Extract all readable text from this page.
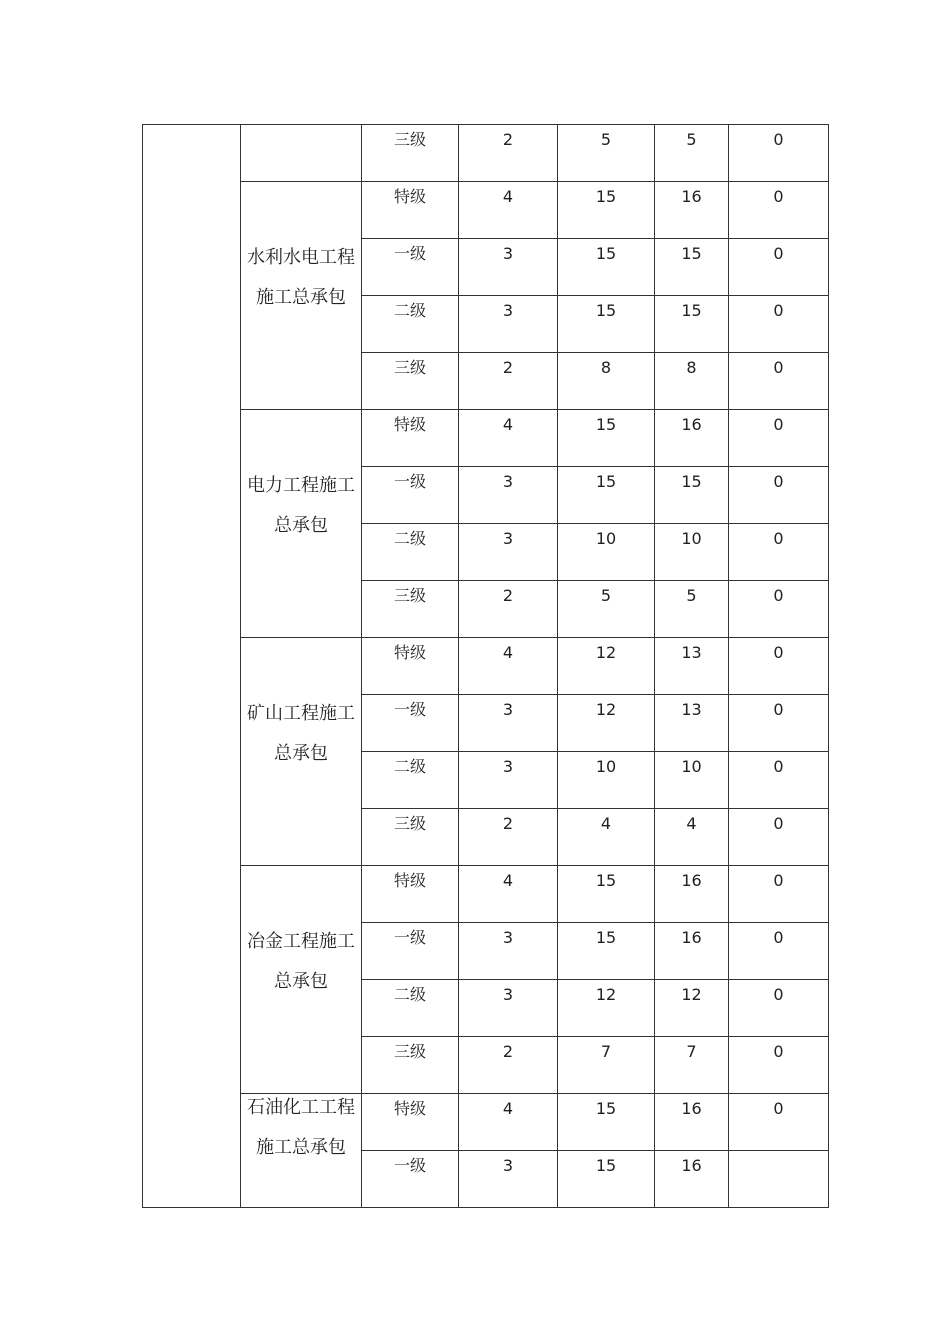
		三级	2	5	5	0

	水利水电工程施工总承包	特级	4	15	16	0

		一级	3	15	15	0

		二级	3	15	15	0

		三级	2	8	8	0

	电力工程施工总承包	特级	4	15	16	0

		一级	3	15	15	0

		二级	3	10	10	0

		三级	2	5	5	0

	矿山工程施工总承包	特级	4	12	13	0

		一级	3	12	13	0

		二级	3	10	10	0

		三级	2	4	4	0

	冶金工程施工总承包	特级	4	15	16	0

		一级	3	15	16	0

		二级	3	12	12	0

		三级	2	7	7	0

	石油化工工程施工总承包	特级	4	15	16	0

		一级	3	15	16	
